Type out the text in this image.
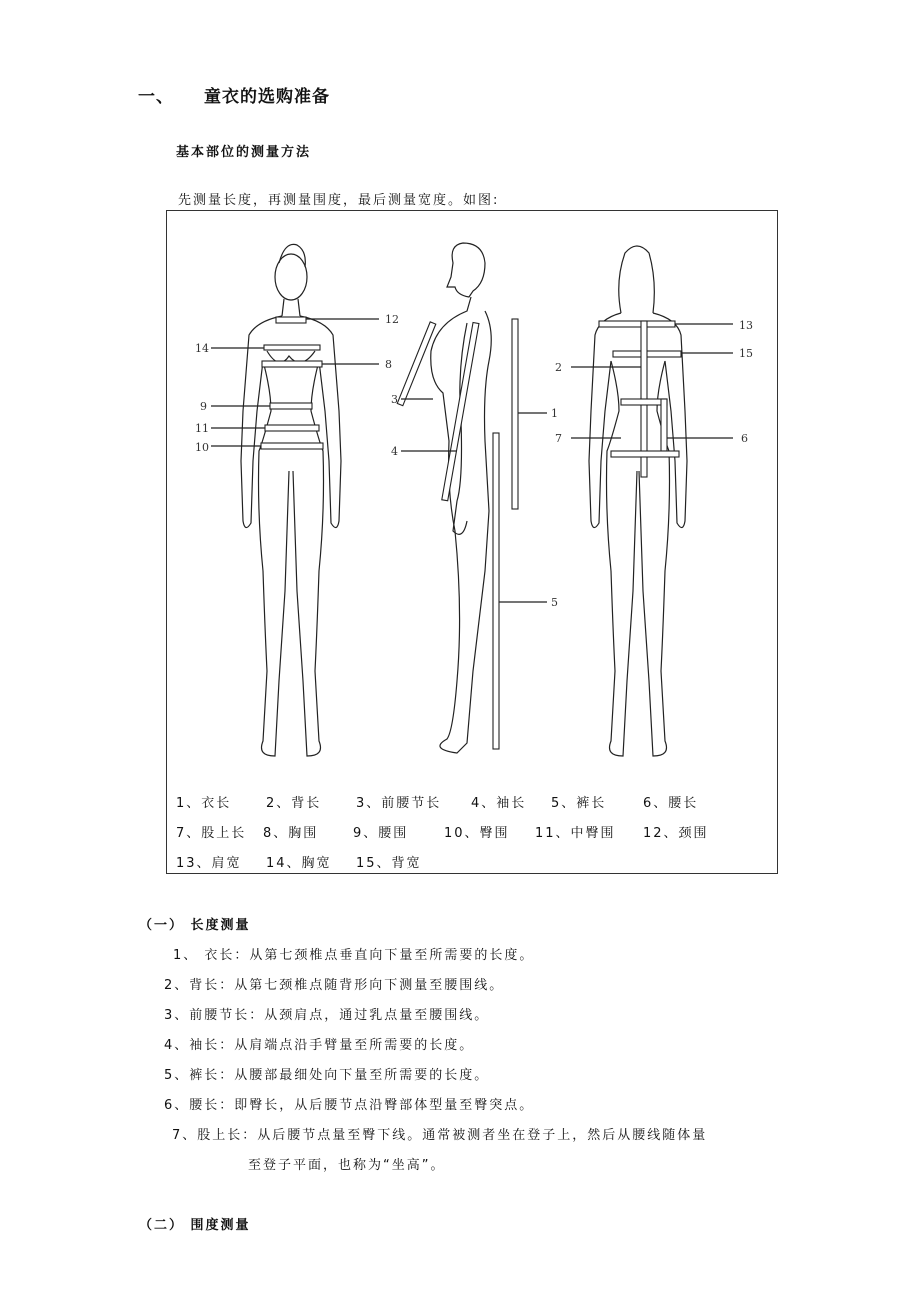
一、 童衣的选购准备
基本部位的测量方法
先测量长度，再测量围度，最后测量宽度。如图:
12
14
8
9
11
10
3
4
1
5
13
15
2
7	6
1、衣长	2、背长	3、前腰节长 4、袖长 5、裤长	6、腰长
7、股上长 8、胸围	9、腰围	10、臀围 11、中臀围 12、颈围
13、肩宽 14、胸宽 15、背宽
（一） 长度测量
1、 衣长：从第七颈椎点垂直向下量至所需要的长度。
2、背长：从第七颈椎点随背形向下测量至腰围线。
3、前腰节长：从颈肩点，通过乳点量至腰围线。
4、袖长：从肩端点沿手臂量至所需要的长度。
5、裤长：从腰部最细处向下量至所需要的长度。
6、腰长：即臀长，从后腰节点沿臀部体型量至臀突点。
7、股上长：从后腰节点量至臀下线。通常被测者坐在登子上，然后从腰线随体量
至登子平面，也称为“坐高”。
（二） 围度测量
